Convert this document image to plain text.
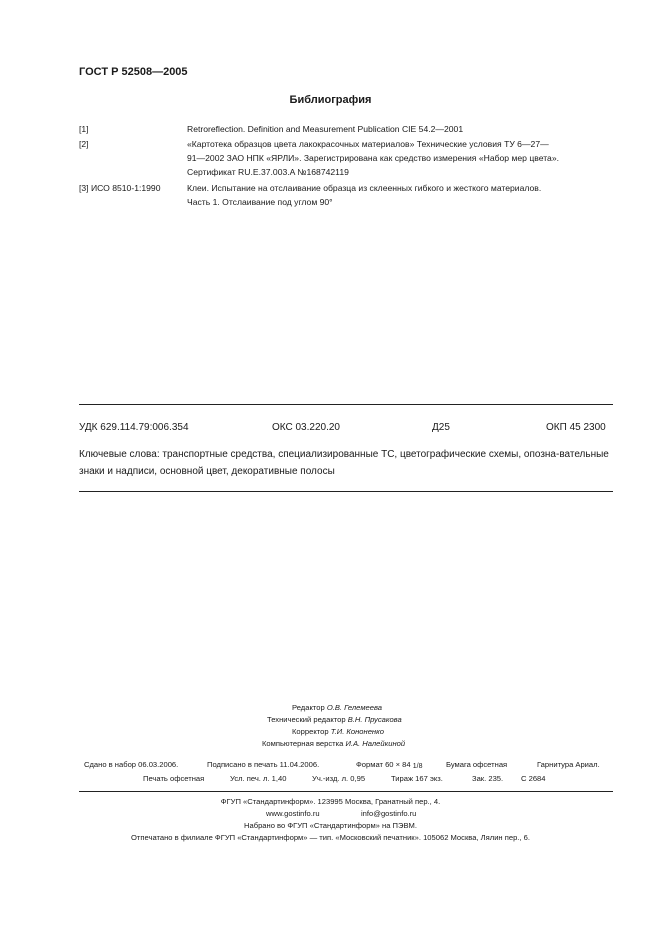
ГОСТ Р 52508—2005
Библиография
[1]	Retroreflection. Definition and Measurement Publication CIE 54.2—2001
[2]	«Картотека образцов цвета лакокрасочных материалов» Технические условия ТУ 6—27—
91—2002 ЗАО НПК «ЯРЛИ». Зарегистрирована как средство измерения «Набор мер цвета».
Сертификат RU.E.37.003.A №168742119
[3] ИСО 8510-1:1990	Клеи. Испытание на отслаивание образца из склеенных гибкого и жесткого материалов.
Часть 1. Отслаивание под углом 90°
УДК 629.114.79:006.354	ОКС 03.220.20	Д25	ОКП 45 2300
Ключевые слова: транспортные средства, специализированные ТС, цветографические схемы, опозна-вательные знаки и надписи, основной цвет, декоративные полосы
Редактор О.В. Гелемеева
Технический редактор В.Н. Прусакова
Корректор Т.И. Кононенко
Компьютерная верстка И.А. Налейкиной
Сдано в набор 06.03.2006.	Подписано в печать 11.04.2006.	Формат 60 × 84 1/8	Бумага офсетная	Гарнитура Ариал.
Печать офсетная	Усл. печ. л. 1,40	Уч.-изд. л. 0,95	Тираж 167 экз.	Зак. 235. С 2684
ФГУП «Стандартинформ». 123995 Москва, Гранатный пер., 4.
www.gostinfo.ru	info@gostinfo.ru
Набрано во ФГУП «Стандартинформ» на ПЭВМ.
Отпечатано в филиале ФГУП «Стандартинформ» — тип. «Московский печатник». 105062 Москва, Лялин пер., 6.
